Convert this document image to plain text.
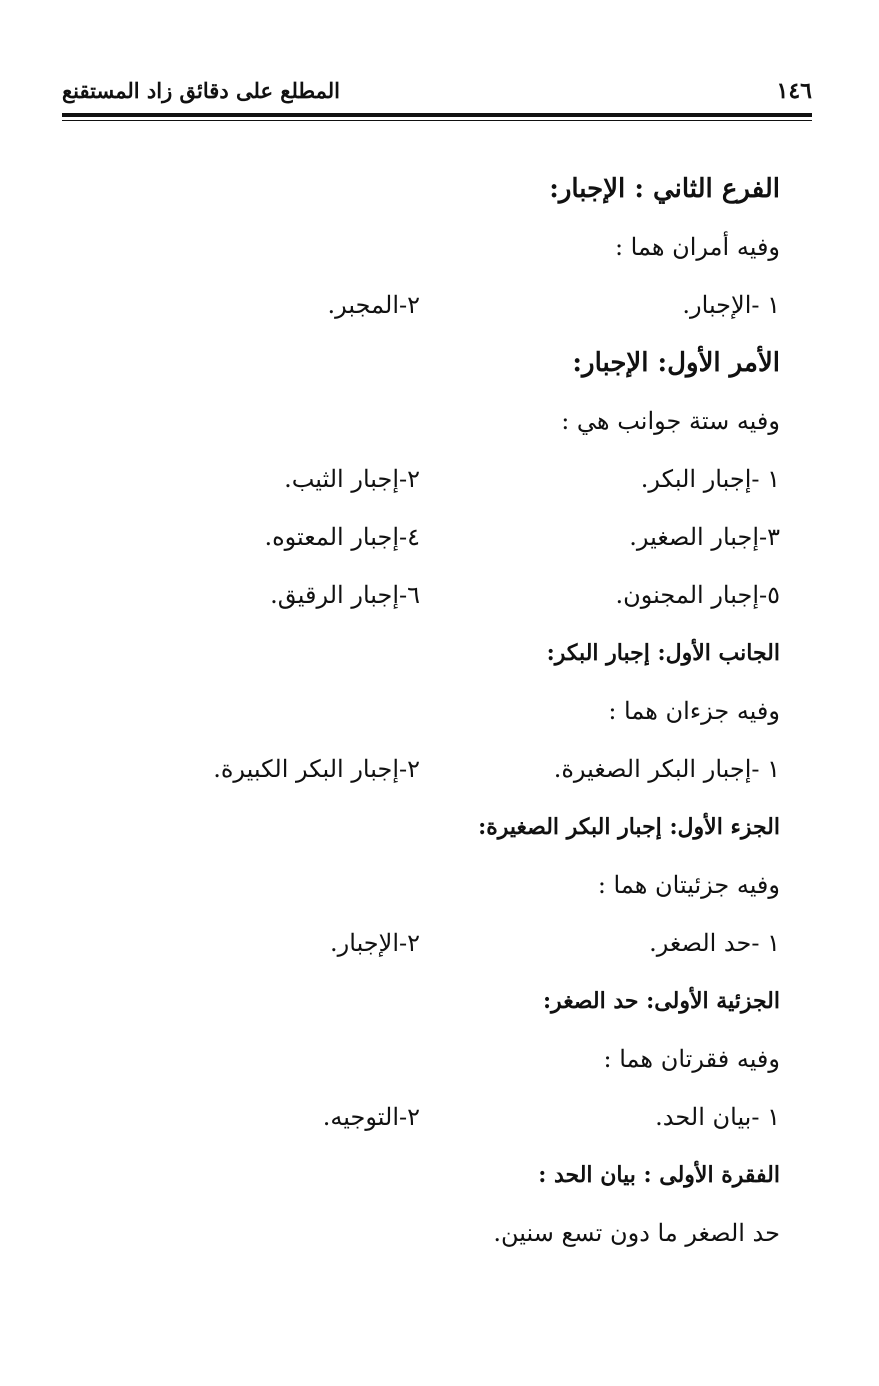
١٤٦
المطلع على دقائق زاد المستقنع
الفرع الثاني : الإجبار:
وفيه أمران هما :
١ -الإجبار.
٢-المجبر.
الأمر الأول: الإجبار:
وفيه ستة جوانب هي :
١ -إجبار البكر.
٢-إجبار الثيب.
٣-إجبار الصغير.
٤-إجبار المعتوه.
٥-إجبار المجنون.
٦-إجبار الرقيق.
الجانب الأول: إجبار البكر:
وفيه جزءان هما :
١ -إجبار البكر الصغيرة.
٢-إجبار البكر الكبيرة.
الجزء الأول: إجبار البكر الصغيرة:
وفيه جزئيتان هما :
١ -حد الصغر.
٢-الإجبار.
الجزئية الأولى: حد الصغر:
وفيه فقرتان هما :
١ -بيان الحد.
٢-التوجيه.
الفقرة الأولى : بيان الحد :
حد الصغر ما دون تسع سنين.
